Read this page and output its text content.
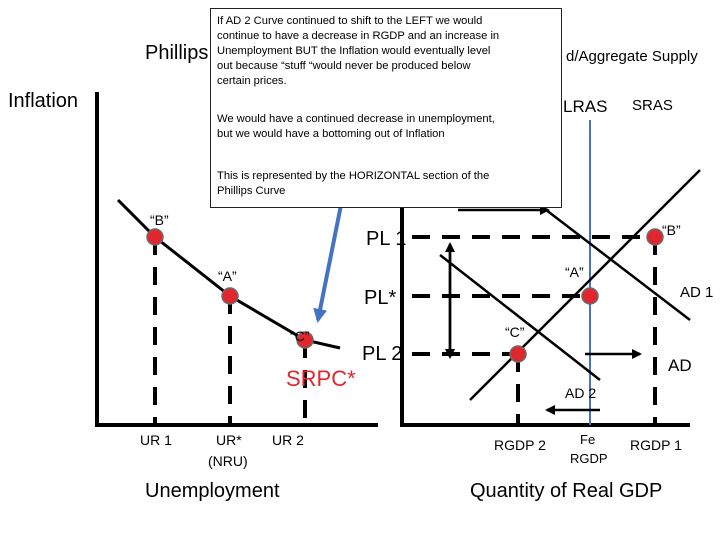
If AD 2 Curve continued to shift to the LEFT we would

continue to have a decrease in RGDP and an increase in

Unemployment BUT the Inflation would eventually level

out because “stuff “would never be produced below

certain prices.

We would have a continued decrease in unemployment,

but we would have a bottoming out of Inflation

This is represented by the HORIZONTAL section of the

Phillips Curve

Phillips
Inflation
Unemployment
SRPC*
“B”
“A”
“C”
UR 1	UR*
(NRU)
UR 2
d/Aggregate Supply
LRAS SRAS
PL 1
PL*
PL 2
“B”
“A”
“C”
AD 1
AD
AD 2
RGDP 2	Fe
RGDP
RGDP 1
Quantity of Real GDP
